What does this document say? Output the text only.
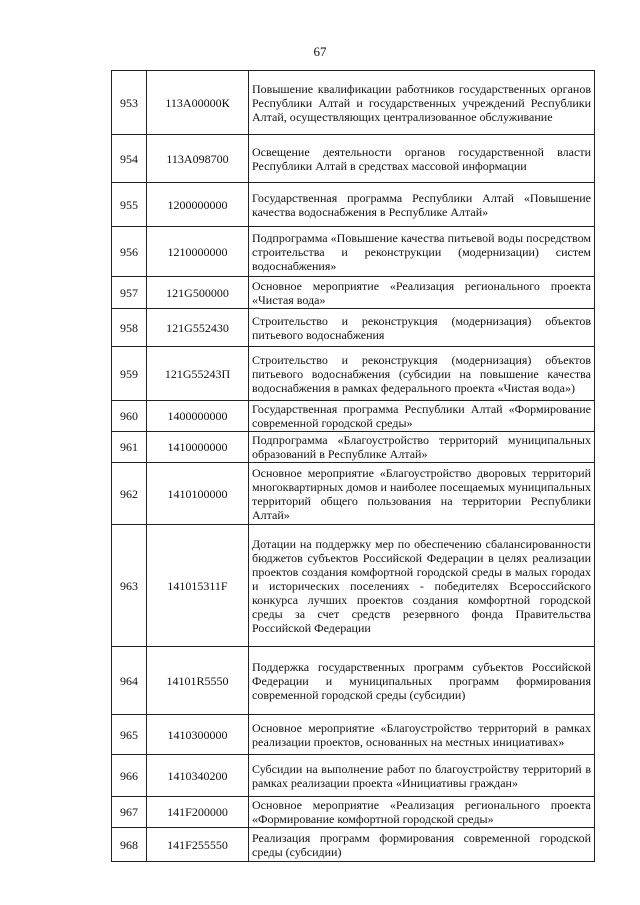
67
953	113А00000К	Повышение квалификации работников государственных органов Республики Алтай и государственных учреждений Республики Алтай, осуществляющих централизованное обслуживание
954	113А098700	Освещение деятельности органов государственной власти Республики Алтай в средствах массовой информации
955	1200000000	Государственная программа Республики Алтай «Повышение качества водоснабжения в Республике Алтай»
956	1210000000	Подпрограмма «Повышение качества питьевой воды посредством строительства и реконструкции (модернизации) систем водоснабжения»
957	121G500000	Основное мероприятие «Реализация регионального проекта «Чистая вода»
958	121G552430	Строительство и реконструкция (модернизация) объектов питьевого водоснабжения
959	121G55243П	Строительство и реконструкция (модернизация) объектов питьевого водоснабжения (субсидии на повышение качества водоснабжения в рамках федерального проекта «Чистая вода»)
960	1400000000	Государственная программа Республики Алтай «Формирование современной городской среды»
961	1410000000	Подпрограмма «Благоустройство территорий муниципальных образований в Республике Алтай»
962	1410100000	Основное мероприятие «Благоустройство дворовых территорий многоквартирных домов и наиболее посещаемых муниципальных территорий общего пользования на территории Республики Алтай»
963	141015311F	Дотации на поддержку мер по обеспечению сбалансированности бюджетов субъектов Российской Федерации в целях реализации проектов создания комфортной городской среды в малых городах и исторических поселениях - победителях Всероссийского конкурса лучших проектов создания комфортной городской среды за счет средств резервного фонда Правительства Российской Федерации
964	14101R5550	Поддержка государственных программ субъектов Российской Федерации и муниципальных программ формирования современной городской среды (субсидии)
965	1410300000	Основное мероприятие «Благоустройство территорий в рамках реализации проектов, основанных на местных инициативах»
966	1410340200	Субсидии на выполнение работ по благоустройству территорий в рамках реализации проекта «Инициативы граждан»
967	141F200000	Основное мероприятие «Реализация регионального проекта «Формирование комфортной городской среды»
968	141F255550	Реализация программ формирования современной городской среды (субсидии)
